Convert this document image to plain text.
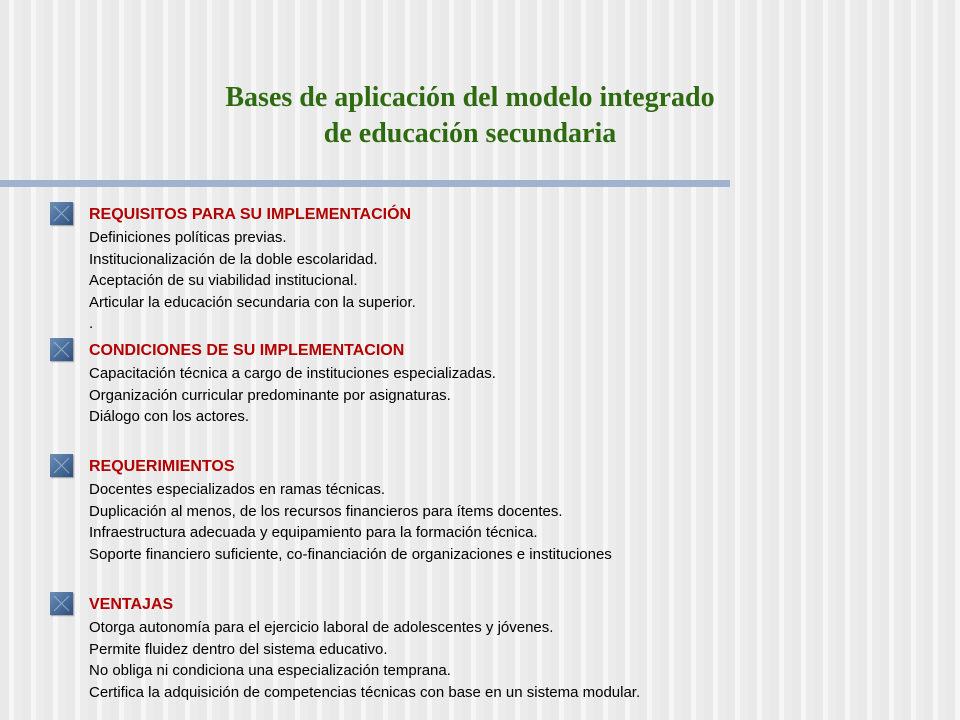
Bases de aplicación del modelo integrado
de educación secundaria
REQUISITOS PARA SU IMPLEMENTACIÓN
Definiciones políticas previas.
Institucionalización de la doble escolaridad.
Aceptación de su viabilidad institucional.
Articular la educación secundaria con la superior.
.
CONDICIONES DE SU IMPLEMENTACION
Capacitación técnica a cargo de instituciones especializadas.
Organización curricular predominante por asignaturas.
Diálogo con los actores.
REQUERIMIENTOS
Docentes especializados en ramas técnicas.
Duplicación al menos, de los recursos financieros para ítems docentes.
Infraestructura adecuada y equipamiento para la formación técnica.
Soporte financiero suficiente, co-financiación de organizaciones e instituciones
VENTAJAS
Otorga autonomía para el ejercicio laboral de adolescentes y jóvenes.
Permite fluidez dentro del sistema educativo.
No obliga ni condiciona una especialización temprana.
Certifica la adquisición de competencias técnicas con base en un sistema modular.
